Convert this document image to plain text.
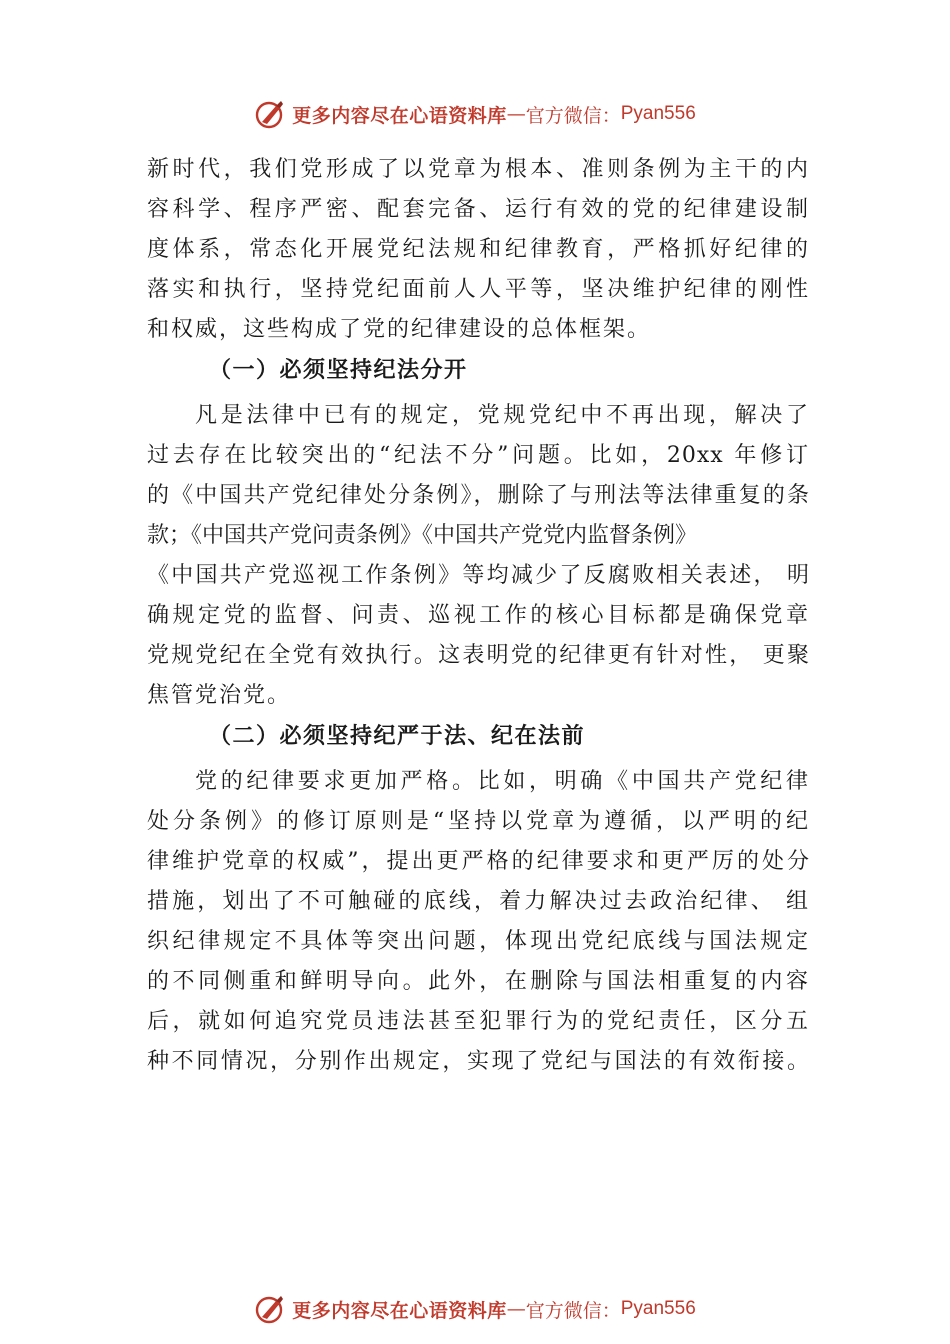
更多内容尽在心语资料库 — 官方微信： Pyan556
新时代，我们党形成了以党章为根本、准则条例为主干的内
容科学、程序严密、配套完备、运行有效的党的纪律建设制
度体系，常态化开展党纪法规和纪律教育，严格抓好纪律的
落实和执行，坚持党纪面前人人平等，坚决维护纪律的刚性
和权威，这些构成了党的纪律建设的总体框架。
（一）必须坚持纪法分开
凡是法律中已有的规定，党规党纪中不再出现，解决了
过去存在比较突出的“纪法不分”问题。比如，20xx 年修订
的《中国共产党纪律处分条例》，删除了与刑法等法律重复的条
款；《中国共产党问责条例》《中国共产党党内监督条例》
《中国共产党巡视工作条例》等均减少了反腐败相关表述， 明
确规定党的监督、问责、巡视工作的核心目标都是确保党章
党规党纪在全党有效执行。这表明党的纪律更有针对性， 更聚
焦管党治党。
（二）必须坚持纪严于法、纪在法前
党的纪律要求更加严格。比如，明确《中国共产党纪律
处分条例》的修订原则是“坚持以党章为遵循，以严明的纪
律维护党章的权威”，提出更严格的纪律要求和更严厉的处分
措施，划出了不可触碰的底线，着力解决过去政治纪律、 组
织纪律规定不具体等突出问题，体现出党纪底线与国法规定
的不同侧重和鲜明导向。此外，在删除与国法相重复的内容
后，就如何追究党员违法甚至犯罪行为的党纪责任，区分五
种不同情况，分别作出规定，实现了党纪与国法的有效衔接。
更多内容尽在心语资料库 — 官方微信： Pyan556
